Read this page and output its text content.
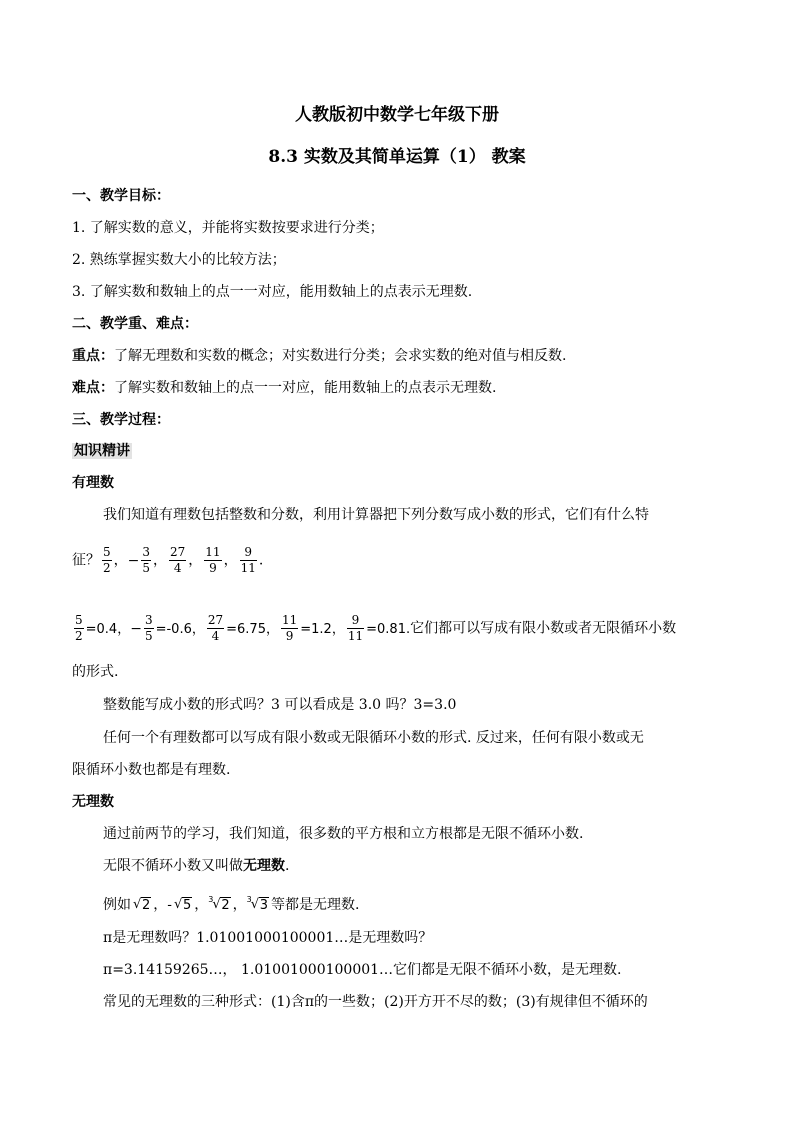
人教版初中数学七年级下册
8.3 实数及其简单运算（1） 教案
一、教学目标：
1. 了解实数的意义，并能将实数按要求进行分类；
2. 熟练掌握实数大小的比较方法；
3. 了解实数和数轴上的点一一对应，能用数轴上的点表示无理数.
二、教学重、难点：
重点：了解无理数和实数的概念；对实数进行分类；会求实数的绝对值与相反数.
难点：了解实数和数轴上的点一一对应，能用数轴上的点表示无理数.
三、教学过程：
知识精讲
有理数
我们知道有理数包括整数和分数，利用计算器把下列分数写成小数的形式，它们有什么特
征？ $\frac{5}{2}$ ，− $\frac{3}{5}$ ， $\frac{27}{4}$ ， $\frac{11}{9}$ ， $\frac{9}{11}$ .
$\frac{5}{2} =0.4$，− $\frac{3}{5} =-0.6$， $\frac{27}{4} =6.75$， $\frac{11}{9} =1.2$， $\frac{9}{11} =0.81$.它们都可以写成有限小数或者无限循环小数
的形式.
整数能写成小数的形式吗？3 可以看成是 3.0 吗？3=3.0
任何一个有理数都可以写成有限小数或无限循环小数的形式. 反过来，任何有限小数或无
限循环小数也都是有理数.
无理数
通过前两节的学习，我们知道，很多数的平方根和立方根都是无限不循环小数.
无限不循环小数又叫做无理数.
例如 √ 2 ，- √ 5 ，$^3$ √ 2 ，$^3$ √ 3 等都是无理数.
π是无理数吗？1.01001000100001…是无理数吗？
π=3.14159265…， 1.01001000100001…它们都是无限不循环小数，是无理数.
常见的无理数的三种形式：(1)含π的一些数；(2)开方开不尽的数；(3)有规律但不循环的
